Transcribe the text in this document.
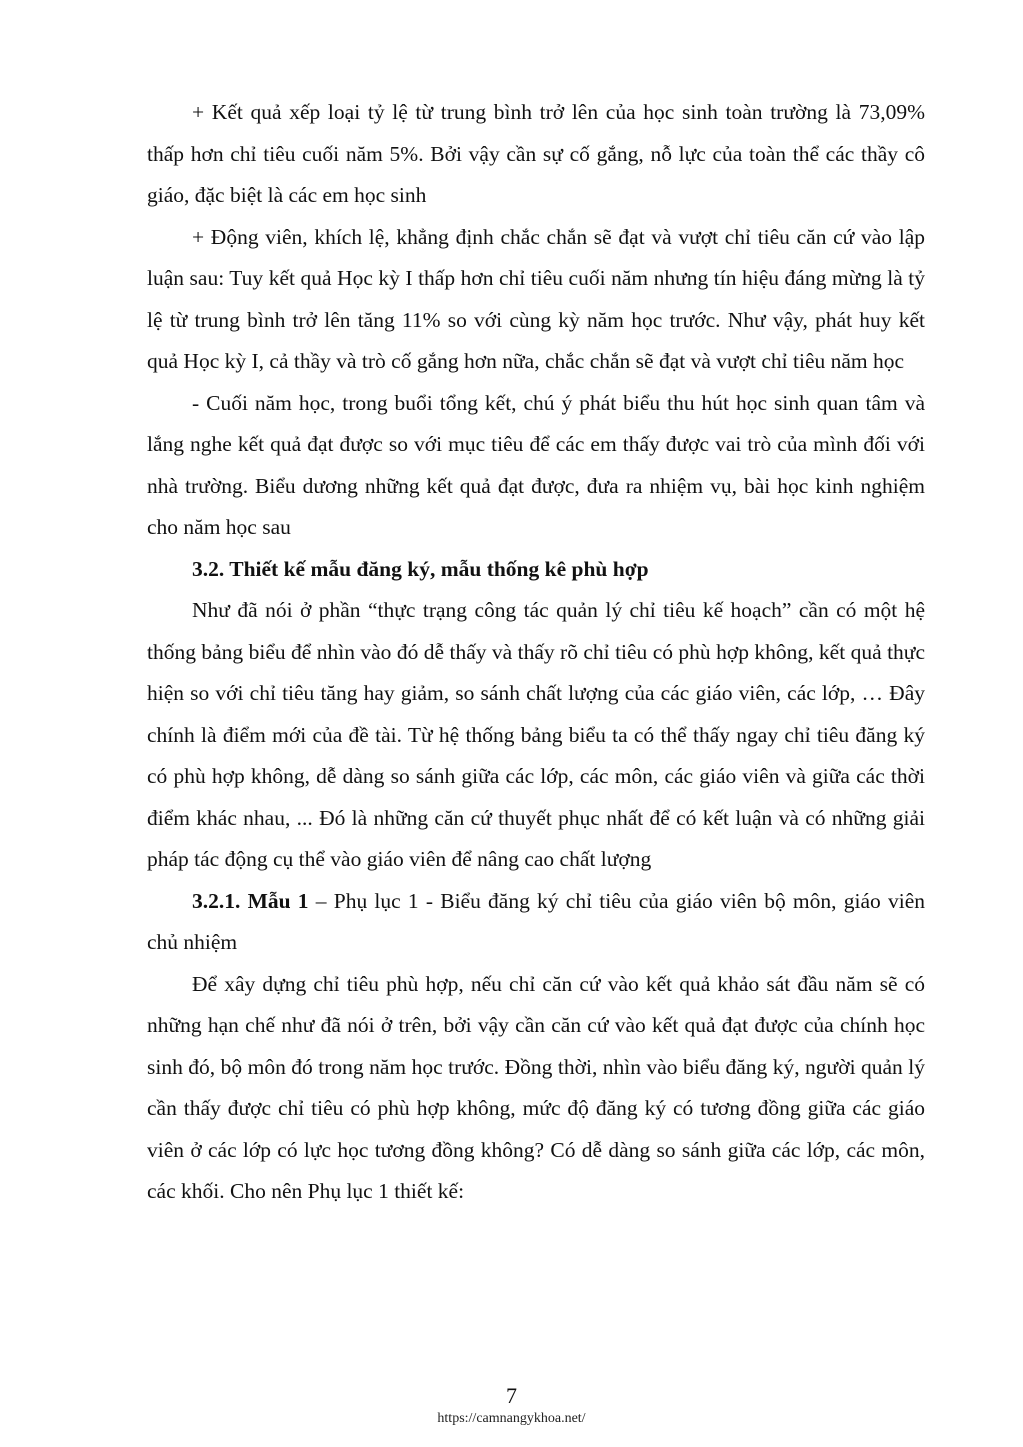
+ Kết quả xếp loại tỷ lệ từ trung bình trở lên của học sinh toàn trường là 73,09% thấp hơn chỉ tiêu cuối năm 5%. Bởi vậy cần sự cố gắng, nỗ lực của toàn thể các thầy cô giáo, đặc biệt là các em học sinh

+ Động viên, khích lệ, khẳng định chắc chắn sẽ đạt và vượt chỉ tiêu căn cứ vào lập luận sau: Tuy kết quả Học kỳ I thấp hơn chỉ tiêu cuối năm nhưng tín hiệu đáng mừng là tỷ lệ từ trung bình trở lên tăng 11% so với cùng kỳ năm học trước. Như vậy, phát huy kết quả Học kỳ I, cả thầy và trò cố gắng hơn nữa, chắc chắn sẽ đạt và vượt chỉ tiêu năm học

- Cuối năm học, trong buổi tổng kết, chú ý phát biểu thu hút học sinh quan tâm và lắng nghe kết quả đạt được so với mục tiêu để các em thấy được vai trò của mình đối với nhà trường. Biểu dương những kết quả đạt được, đưa ra nhiệm vụ, bài học kinh nghiệm cho năm học sau

3.2. Thiết kế mẫu đăng ký, mẫu thống kê phù hợp

Như đã nói ở phần “thực trạng công tác quản lý chỉ tiêu kế hoạch” cần có một hệ thống bảng biểu để nhìn vào đó dễ thấy và thấy rõ chỉ tiêu có phù hợp không, kết quả thực hiện so với chỉ tiêu tăng hay giảm, so sánh chất lượng của các giáo viên, các lớp, … Đây chính là điểm mới của đề tài. Từ hệ thống bảng biểu ta có thể thấy ngay chỉ tiêu đăng ký có phù hợp không, dễ dàng so sánh giữa các lớp, các môn, các giáo viên và giữa các thời điểm khác nhau, ... Đó là những căn cứ thuyết phục nhất để có kết luận và có những giải pháp tác động cụ thể vào giáo viên để nâng cao chất lượng

3.2.1. Mẫu 1 – Phụ lục 1 - Biểu đăng ký chỉ tiêu của giáo viên bộ môn, giáo viên chủ nhiệm

Để xây dựng chỉ tiêu phù hợp, nếu chỉ căn cứ vào kết quả khảo sát đầu năm sẽ có những hạn chế như đã nói ở trên, bởi vậy cần căn cứ vào kết quả đạt được của chính học sinh đó, bộ môn đó trong năm học trước. Đồng thời, nhìn vào biểu đăng ký, người quản lý cần thấy được chỉ tiêu có phù hợp không, mức độ đăng ký có tương đồng giữa các giáo viên ở các lớp có lực học tương đồng không? Có dễ dàng so sánh giữa các lớp, các môn, các khối. Cho nên Phụ lục 1 thiết kế:

7
https://camnangykhoa.net/
